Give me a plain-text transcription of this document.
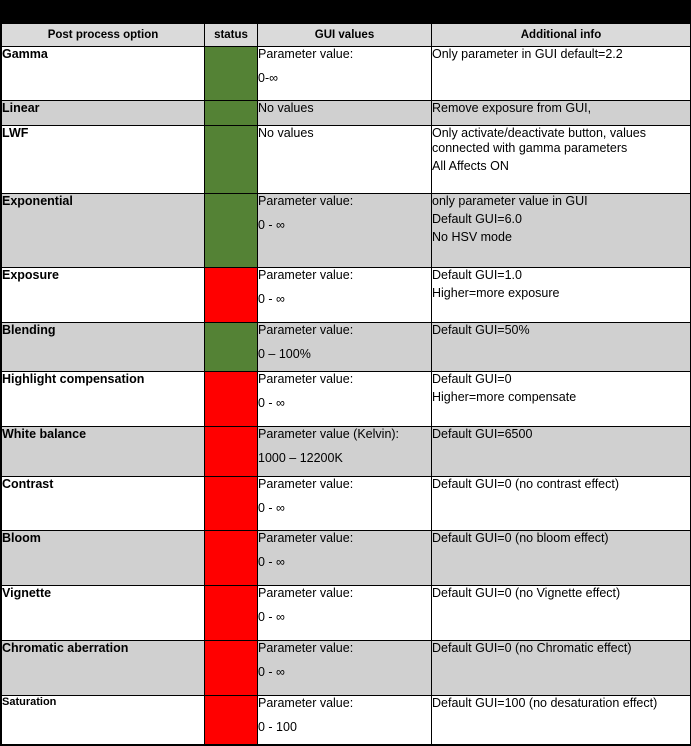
Post process option	status	GUI values	Additional info
Gamma		Parameter value:
0-∞	Only parameter in GUI default=2.2

Linear		No values	Remove exposure from GUI,

LWF		No values	Only activate/deactivate button, values connected with gamma parameters
All Affects ON

Exponential		Parameter value:
0 - ∞	only parameter value in GUI
Default GUI=6.0
No HSV mode

Exposure		Parameter value:
0 - ∞	Default GUI=1.0
Higher=more exposure

Blending		Parameter value:
0 – 100%	Default GUI=50%

Highlight compensation		Parameter value:
0 - ∞	Default GUI=0
Higher=more compensate

White balance		Parameter value (Kelvin):
1000 – 12200K	Default GUI=6500

Contrast		Parameter value:
0 - ∞	Default GUI=0 (no contrast effect)

Bloom		Parameter value:
0 - ∞	Default GUI=0 (no bloom effect)

Vignette		Parameter value:
0 - ∞	Default GUI=0 (no Vignette effect)

Chromatic aberration		Parameter value:
0 - ∞	Default GUI=0 (no Chromatic effect)

Saturation		Parameter value:
0 - 100	Default GUI=100 (no desaturation effect)
